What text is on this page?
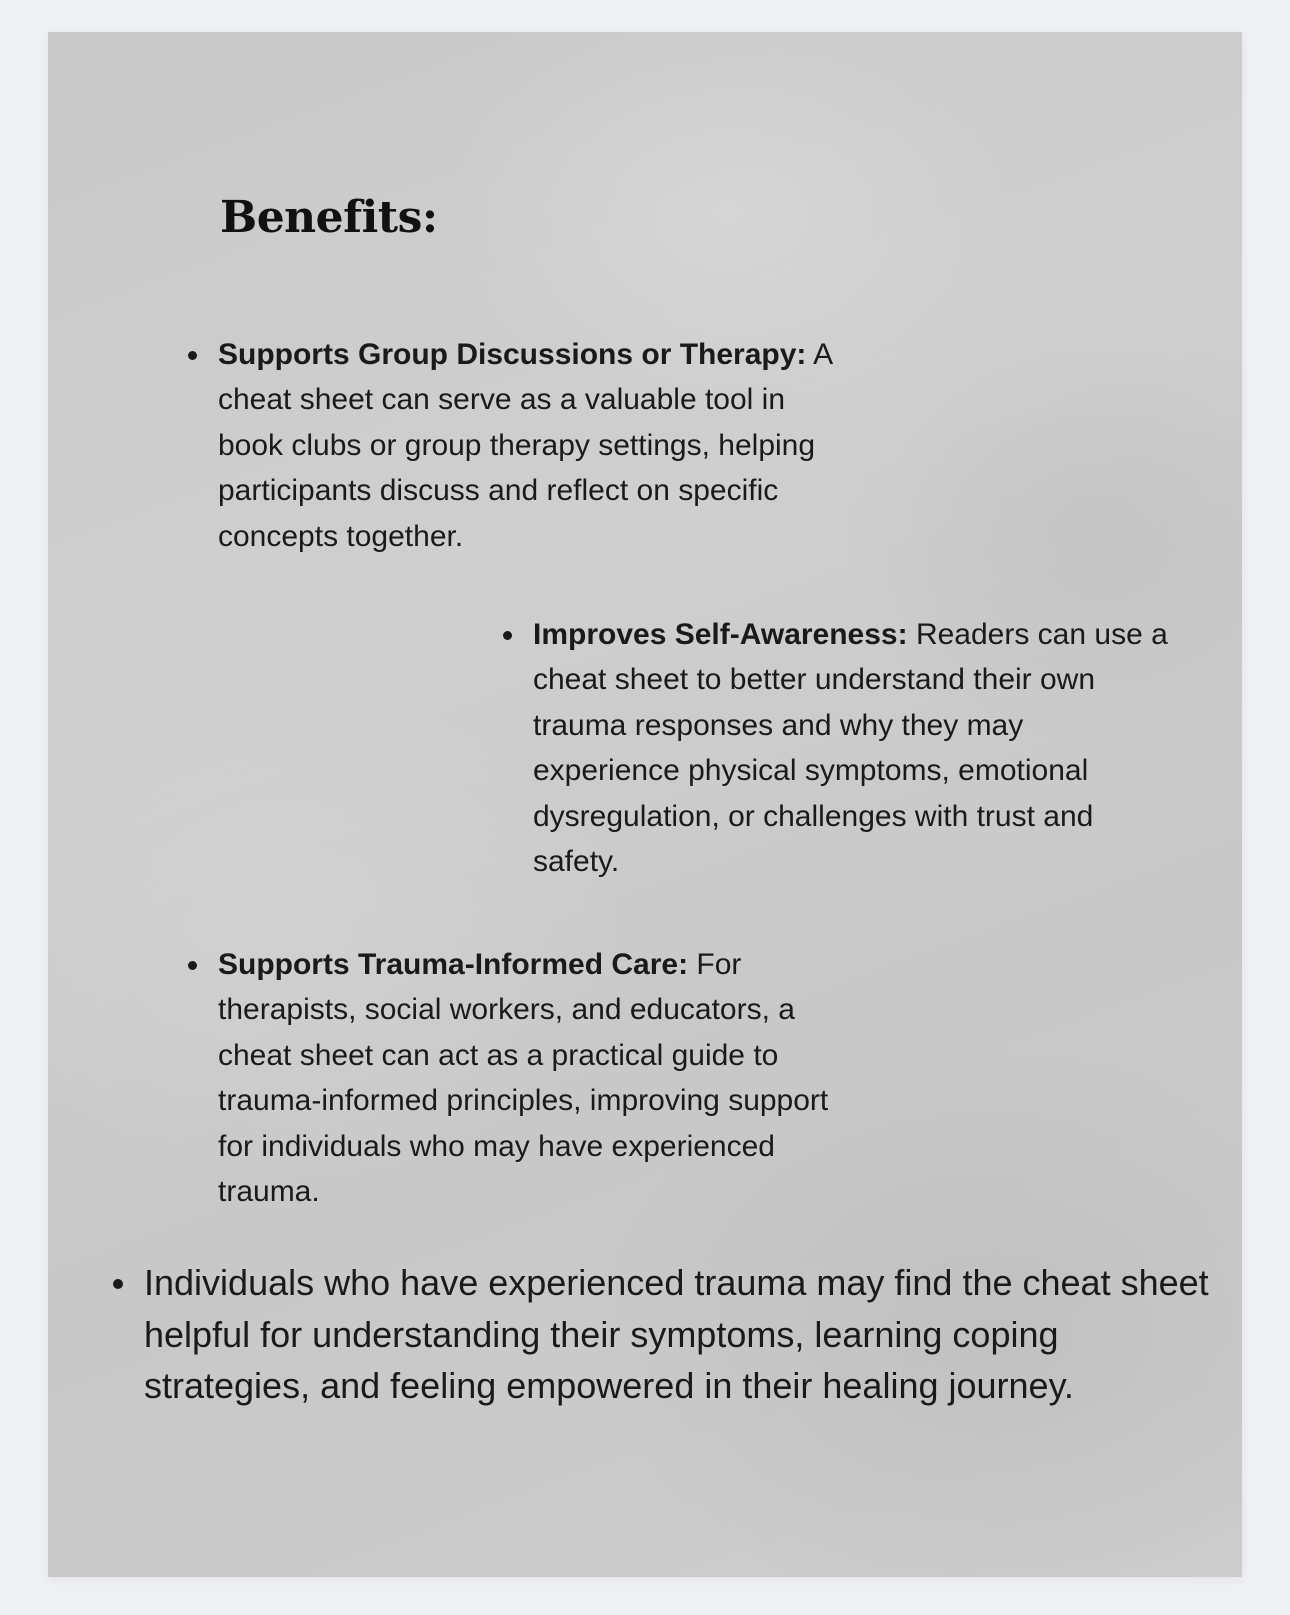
Benefits:
Supports Group Discussions or Therapy: A cheat sheet can serve as a valuable tool in book clubs or group therapy settings, helping participants discuss and reflect on specific concepts together.
Improves Self-Awareness: Readers can use a cheat sheet to better understand their own trauma responses and why they may experience physical symptoms, emotional dysregulation, or challenges with trust and safety.
Supports Trauma-Informed Care: For therapists, social workers, and educators, a cheat sheet can act as a practical guide to trauma-informed principles, improving support for individuals who may have experienced trauma.
Individuals who have experienced trauma may find the cheat sheet helpful for understanding their symptoms, learning coping strategies, and feeling empowered in their healing journey.
